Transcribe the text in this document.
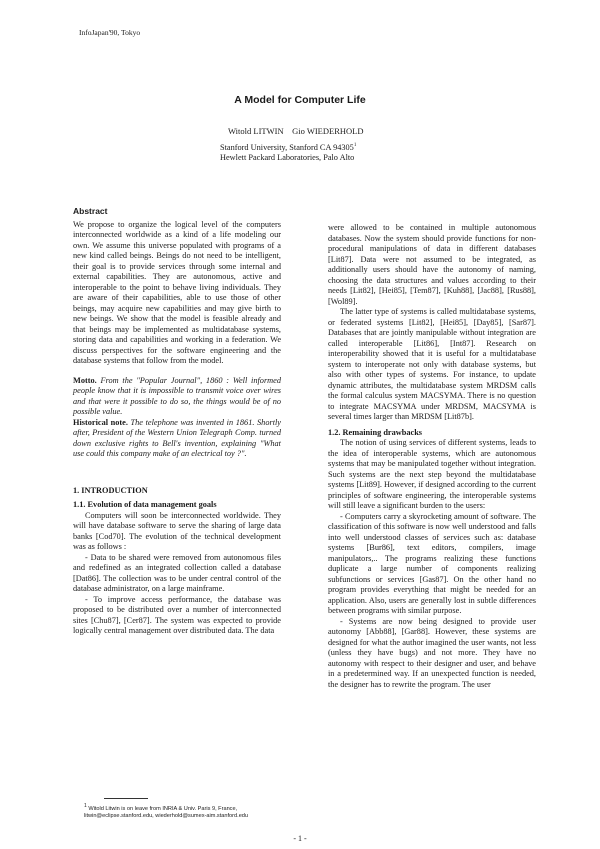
InfoJapan'90, Tokyo
A Model for Computer Life
Witold LITWIN    Gio WIEDERHOLD
Stanford University, Stanford CA 94305$^1$
Hewlett Packard Laboratories, Palo Alto

Abstract

We propose to organize the logical level of the computers interconnected worldwide as a kind of a life modeling our own. We assume this universe populated with programs of a new kind called beings. Beings do not need to be intelligent, their goal is to provide services through some internal and external capabilities. They are autonomous, active and interoperable to the point to behave living individuals. They are aware of their capabilities, able to use those of other beings, may acquire new capabilities and may give birth to new beings. We show that the model is feasible already and that beings may be implemented as multidatabase systems, storing data and capabilities and working in a federation. We discuss perspectives for the software engineering and the database systems that follow from the model.

Motto. From the "Popular Journal", 1860 : Well informed people know that it is impossible to transmit voice over wires and that were it possible to do so, the things would be of no possible value.

Historical note. The telephone was invented in 1861. Shortly after, President of the Western Union Telegraph Comp. turned down exclusive rights to Bell's invention, explaining "What use could this company make of an electrical toy ?".

1. INTRODUCTION

1.1. Evolution of data management goals

Computers will soon be interconnected worldwide. They will have database software to serve the sharing of large data banks [Cod70]. The evolution of the technical development was as follows :

- Data to be shared were removed from autonomous files and redefined as an integrated collection called a database [Dat86]. The collection was to be under central control of the database administrator, on a large mainframe.

- To improve access performance, the database was proposed to be distributed over a number of interconnected sites [Chu87], [Cer87]. The system was expected to provide logically central management over distributed data. The data

were allowed to be contained in multiple autonomous databases. Now the system should provide functions for non-procedural manipulations of data in different databases [Lit87]. Data were not assumed to be integrated, as additionally users should have the autonomy of naming, choosing the data structures and values according to their needs [Lit82], [Hei85], [Tem87], [Kuh88], [Jac88], [Rus88], [Wol89].

The latter type of systems is called multidatabase systems, or federated systems [Lit82], [Hei85], [Day85], [Sar87]. Databases that are jointly manipulable without integration are called interoperable [Lit86], [Int87]. Research on interoperability showed that it is useful for a multidatabase system to interoperate not only with database systems, but also with other types of systems. For instance, to update dynamic attributes, the multidatabase system MRDSM calls the formal calculus system MACSYMA. There is no question to integrate MACSYMA under MRDSM, MACSYMA is several times larger than MRDSM [Lit87b].

1.2. Remaining drawbacks

The notion of using services of different systems, leads to the idea of interoperable systems, which are autonomous systems that may be manipulated together without integration. Such systems are the next step beyond the multidatabase systems [Lit89]. However, if designed according to the current principles of software engineering, the interoperable systems will still leave a significant burden to the users:

- Computers carry a skyrocketing amount of software. The classification of this software is now well understood and falls into well understood classes of services such as: database systems [Bur86], text editors, compilers, image manipulators,.. The programs realizing these functions duplicate a large number of components realizing subfunctions or services [Gas87]. On the other hand no program provides everything that might be needed for an application. Also, users are generally lost in subtle differences between programs with similar purpose.

- Systems are now being designed to provide user autonomy [Abb88], [Gar88]. However, these systems are designed for what the author imagined the user wants, not less (unless they have bugs) and not more. They have no autonomy with respect to their designer and user, and behave in a predetermined way. If an unexpected function is needed, the designer has to rewrite the program. The user

$^1$ Witold Litwin is on leave from INRIA & Univ. Paris 9, France, litwin@eclipse.stanford.edu, wiederhold@sumex-aim.stanford.edu
- 1 -
